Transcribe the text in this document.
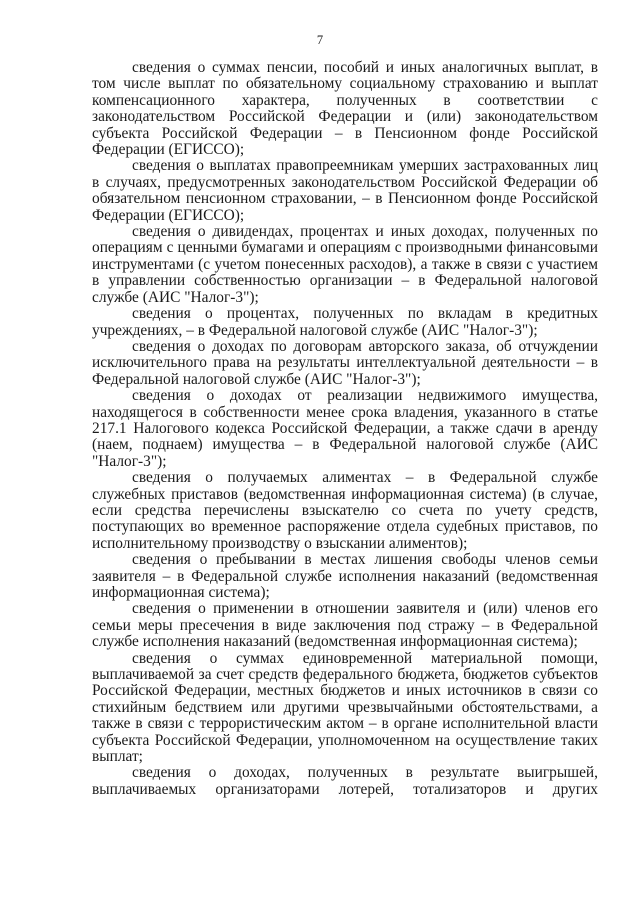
7

сведения о суммах пенсии, пособий и иных аналогичных выплат, в том числе выплат по обязательному социальному страхованию и выплат компенсационного характера, полученных в соответствии с законодательством Российской Федерации и (или) законодательством субъекта Российской Федерации – в Пенсионном фонде Российской Федерации (ЕГИССО);

сведения о выплатах правопреемникам умерших застрахованных лиц в случаях, предусмотренных законодательством Российской Федерации об обязательном пенсионном страховании, – в Пенсионном фонде Российской Федерации (ЕГИССО);

сведения о дивидендах, процентах и иных доходах, полученных по операциям с ценными бумагами и операциям с производными финансовыми инструментами (с учетом понесенных расходов), а также в связи с участием в управлении собственностью организации – в Федеральной налоговой службе (АИС "Налог-3");

сведения о процентах, полученных по вкладам в кредитных учреждениях, – в Федеральной налоговой службе (АИС "Налог-3");

сведения о доходах по договорам авторского заказа, об отчуждении исключительного права на результаты интеллектуальной деятельности – в Федеральной налоговой службе (АИС "Налог-3");

сведения о доходах от реализации недвижимого имущества, находящегося в собственности менее срока владения, указанного в статье 217.1 Налогового кодекса Российской Федерации, а также сдачи в аренду (наем, поднаем) имущества – в Федеральной налоговой службе (АИС "Налог-3");

сведения о получаемых алиментах – в Федеральной службе служебных приставов (ведомственная информационная система) (в случае, если средства перечислены взыскателю со счета по учету средств, поступающих во временное распоряжение отдела судебных приставов, по исполнительному производству о взыскании алиментов);

сведения о пребывании в местах лишения свободы членов семьи заявителя – в Федеральной службе исполнения наказаний (ведомственная информационная система);

сведения о применении в отношении заявителя и (или) членов его семьи меры пресечения в виде заключения под стражу – в Федеральной службе исполнения наказаний (ведомственная информационная система);

сведения о суммах единовременной материальной помощи, выплачиваемой за счет средств федерального бюджета, бюджетов субъектов Российской Федерации, местных бюджетов и иных источников в связи со стихийным бедствием или другими чрезвычайными обстоятельствами, а также в связи с террористическим актом – в органе исполнительной власти субъекта Российской Федерации, уполномоченном на осуществление таких выплат;

сведения о доходах, полученных в результате выигрышей, выплачиваемых организаторами лотерей, тотализаторов и других
